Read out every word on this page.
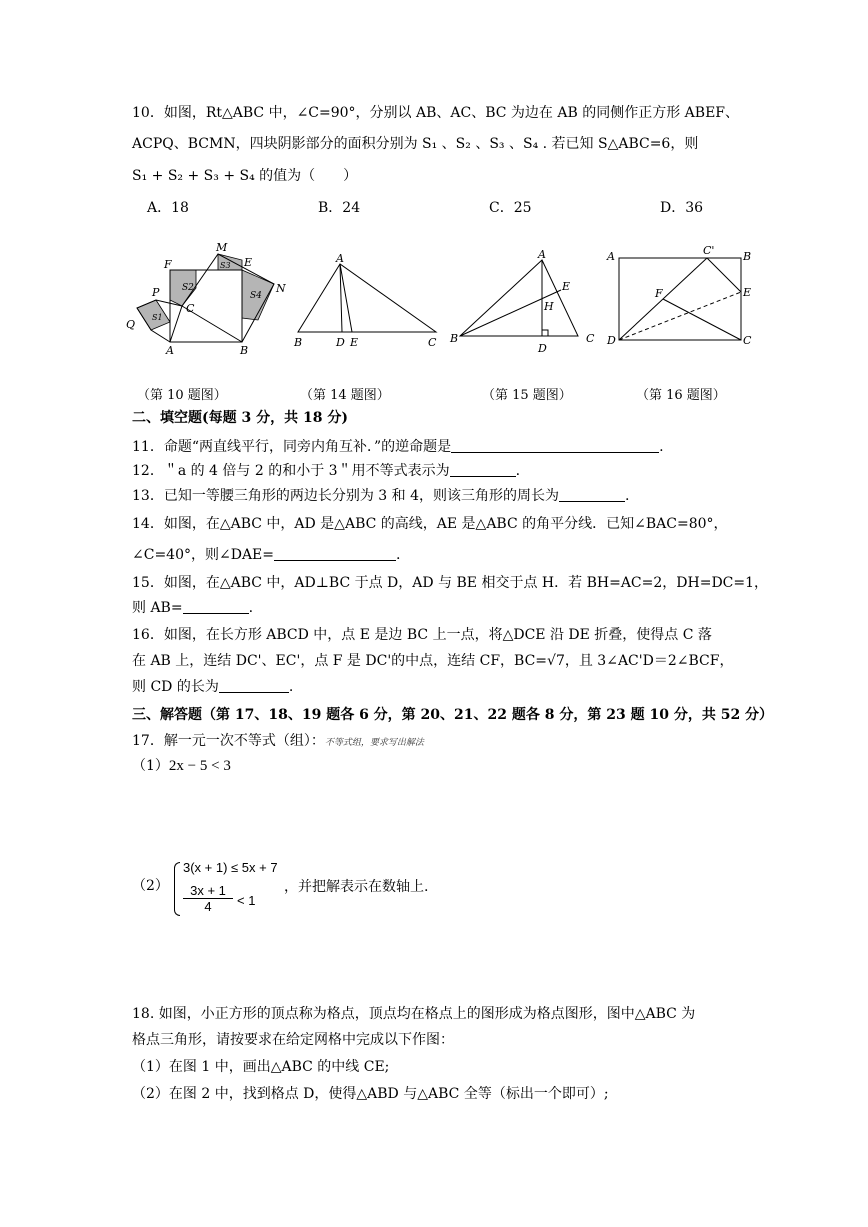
10．如图，Rt△ABC 中，∠C=90°，分别以 AB、AC、BC 为边在 AB 的同侧作正方形 ABEF、
ACPQ、BCMN，四块阴影部分的面积分别为 S₁ 、S₂ 、S₃ 、S₄ . 若已知 S△ABC=6，则
S₁ + S₂ + S₃ + S₄ 的值为（　　）
A．18	B．24	C．25	D．36
M
F	S3 E
P	S2
S4
N
C
S1
Q
A	B
A
B	D E	C
A
E
H
B
D
C
A	C'	B
F	E
D	C
（第 10 题图）	（第 14 题图）	（第 15 题图）	（第 16 题图）
二、填空题(每题 3 分，共 18 分)
11．命题“两直线平行，同旁内角互补．”的逆命题是	.
12．＂a 的 4 倍与 2 的和小于 3＂用不等式表示为	.
13．已知一等腰三角形的两边长分别为 3 和 4，则该三角形的周长为	.
14．如图，在△ABC 中，AD 是△ABC 的高线，AE 是△ABC 的角平分线．已知∠BAC=80°，
∠C=40°，则∠DAE=	.
15．如图，在△ABC 中，AD⊥BC 于点 D，AD 与 BE 相交于点 H．若 BH=AC=2，DH=DC=1，
则 AB=	.
16．如图，在长方形 ABCD 中，点 E 是边 BC 上一点，将△DCE 沿 DE 折叠，使得点 C 落
在 AB 上，连结 DC'、EC'，点 F 是 DC'的中点，连结 CF，BC=√7，且 3∠AC'D＝2∠BCF，
则 CD 的长为	.
三、解答题（第 17、18、19 题各 6 分，第 20、21、22 题各 8 分，第 23 题 10 分，共 52 分）
17．解一元一次不等式（组）：不等式组，要求写出解法
（1）2x − 5 < 3
（2）
3(x + 1) ≤ 5x + 7
$\frac{3x + 1}{4} < 1$
，并把解表示在数轴上.
18. 如图，小正方形的顶点称为格点，顶点均在格点上的图形成为格点图形，图中△ABC 为
格点三角形，请按要求在给定网格中完成以下作图：
（1）在图 1 中，画出△ABC 的中线 CE;
（2）在图 2 中，找到格点 D，使得△ABD 与△ABC 全等（标出一个即可）;
